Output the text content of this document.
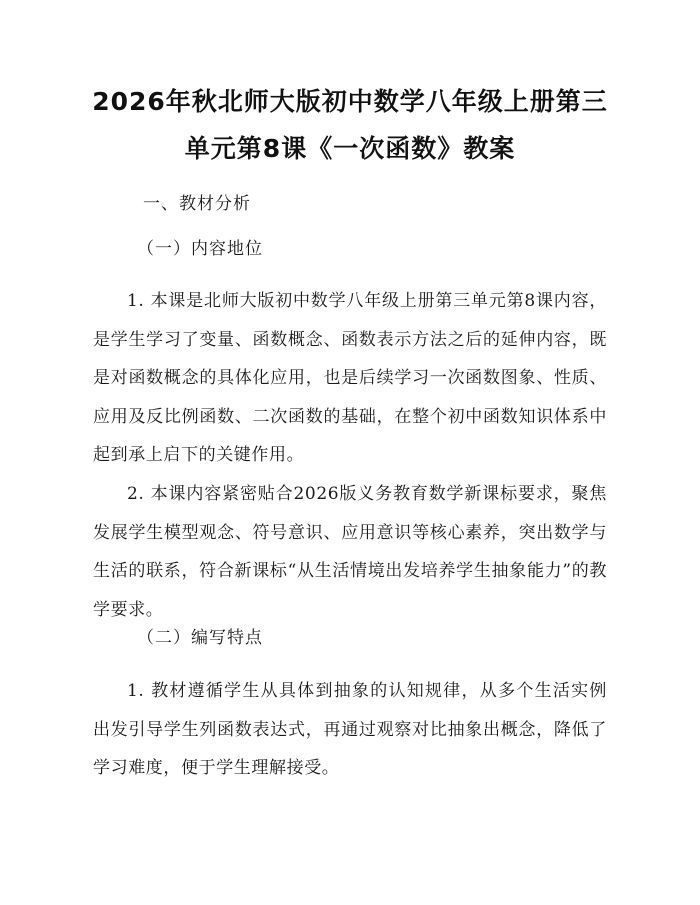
2026年秋北师大版初中数学八年级上册第三
单元第8课《一次函数》教案
一、教材分析
（一）内容地位
1. 本课是北师大版初中数学八年级上册第三单元第8课内容，是学生学习了变量、函数概念、函数表示方法之后的延伸内容，既是对函数概念的具体化应用，也是后续学习一次函数图象、性质、应用及反比例函数、二次函数的基础，在整个初中函数知识体系中起到承上启下的关键作用。
2. 本课内容紧密贴合2026版义务教育数学新课标要求，聚焦发展学生模型观念、符号意识、应用意识等核心素养，突出数学与生活的联系，符合新课标“从生活情境出发培养学生抽象能力”的教学要求。
（二）编写特点
1. 教材遵循学生从具体到抽象的认知规律，从多个生活实例出发引导学生列函数表达式，再通过观察对比抽象出概念，降低了学习难度，便于学生理解接受。
